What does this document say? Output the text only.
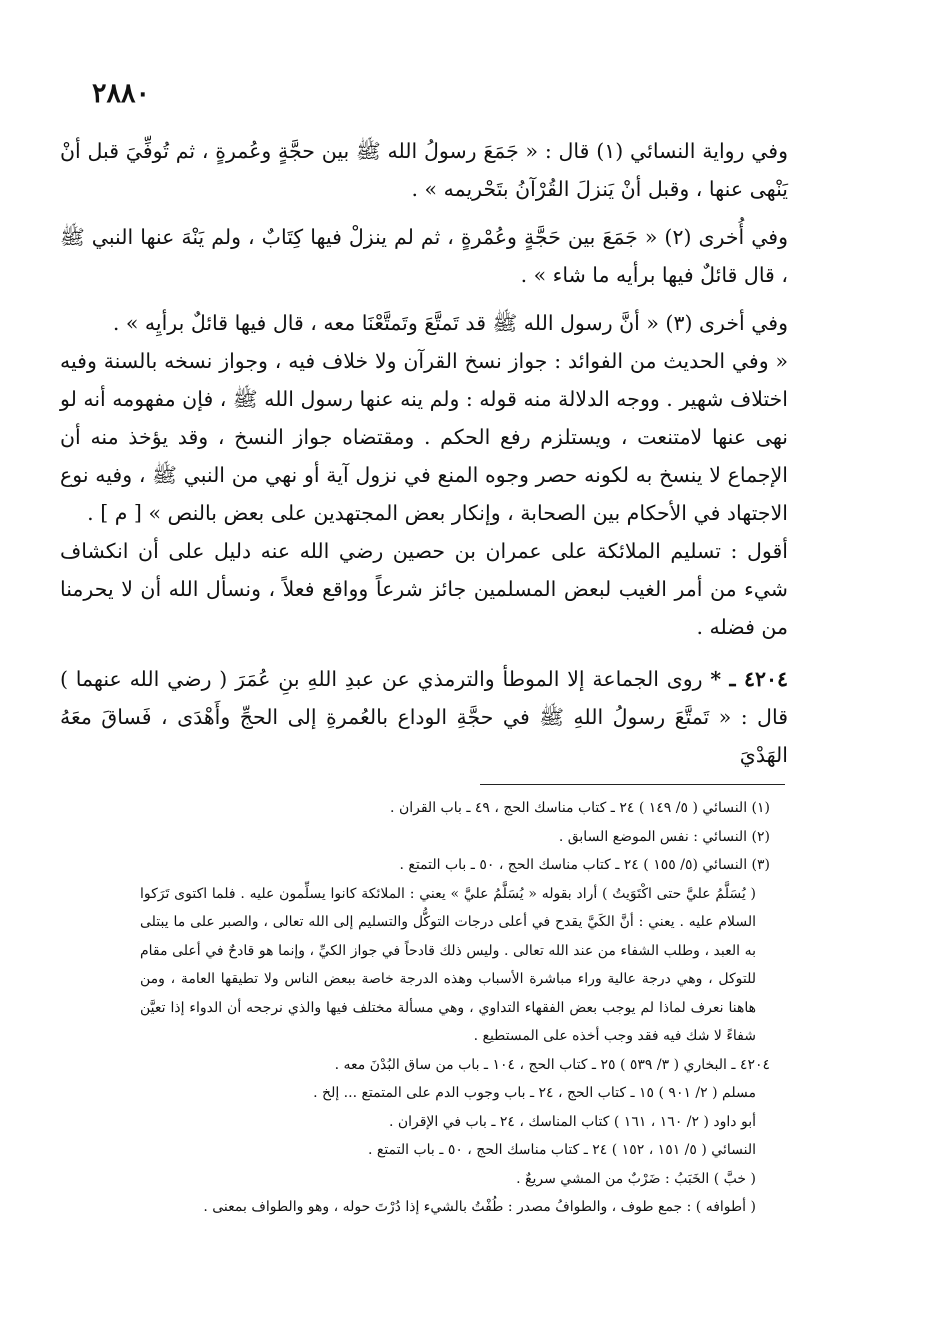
٢٨٨٠

وفي رواية النسائي (١) قال : « جَمَعَ رسولُ الله ﷺ بين حجَّةٍ وعُمرةٍ ، ثم تُوفِّيَ قبل أنْ يَنْهى عنها ، وقبل أنْ يَنزلَ القُرْآنُ بتَحْريمه » .

وفي أُخرى (٢) « جَمَعَ بين حَجَّةٍ وعُمْرةٍ ، ثم لم ينزلْ فيها كِتَابٌ ، ولم يَنْهَ عنها النبي ﷺ ، قال قائلٌ فيها برأيه ما شاء » .

وفي أخرى (٣) « أنَّ رسول الله ﷺ قد تَمتَّعَ وتَمتَّعْنَا معه ، قال فيها قائلٌ برأيِه » .

« وفي الحديث من الفوائد : جواز نسخ القرآن ولا خلاف فيه ، وجواز نسخه بالسنة وفيه اختلاف شهير . ووجه الدلالة منه قوله : ولم ينه عنها رسول الله ﷺ ، فإن مفهومه أنه لو نهى عنها لامتنعت ، ويستلزم رفع الحكم . ومقتضاه جواز النسخ ، وقد يؤخذ منه أن الإجماع لا ينسخ به لكونه حصر وجوه المنع في نزول آية أو نهي من النبي ﷺ ، وفيه نوع الاجتهاد في الأحكام بين الصحابة ، وإنكار بعض المجتهدين على بعض بالنص » [ م ] .

أقول : تسليم الملائكة على عمران بن حصين رضي الله عنه دليل على أن انكشاف شيء من أمر الغيب لبعض المسلمين جائز شرعاً وواقع فعلاً ، ونسأل الله أن لا يحرمنا من فضله .

٤٢٠٤ ـ * روى الجماعة إلا الموطأ والترمذي عن عبدِ اللهِ بنِ عُمَرَ ( رضي الله عنهما ) قال : « تَمتَّعَ رسولُ اللهِ ﷺ في حجَّةِ الوداع بالعُمرةِ إلى الحجِّ وأَهْدَى ، فَساقَ معَهُ الهَدْيَ

(١) النسائي ( ٥/ ١٤٩ ) ٢٤ ـ كتاب مناسك الحج ، ٤٩ ـ باب القران .

(٢) النسائي : نفس الموضع السابق .

(٣) النسائي (٥/ ١٥٥ ) ٢٤ ـ كتاب مناسك الحج ، ٥٠ ـ باب التمتع .

( يُسَلَّمُ عليَّ حتى اكْتَوَيتُ ) أراد بقوله « يُسَلَّمُ عليَّ » يعني : الملائكة كانوا يسلِّمون عليه . فلما اكتوى تَرَكوا السلام عليه . يعني : أنَّ الكَيَّ يقدح في أعلى درجات التوكُّل والتسليم إلى الله تعالى ، والصبر على ما يبتلى به العبد ، وطلب الشفاء من عند الله تعالى . وليس ذلك قادحاً في جواز الكيِّ ، وإنما هو قادحٌ في أعلى مقام للتوكل ، وهي درجة عالية وراء مباشرة الأسباب وهذه الدرجة خاصة ببعض الناس ولا تطيقها العامة ، ومن هاهنا نعرف لماذا لم يوجب بعض الفقهاء التداوي ، وهي مسألة مختلف فيها والذي نرجحه أن الدواء إذا تعيَّن شفاءً لا شك فيه فقد وجب أخذه على المستطيع .

٤٢٠٤ ـ البخاري ( ٣/ ٥٣٩ ) ٢٥ ـ كتاب الحج ، ١٠٤ ـ باب من ساق البُدْنَ معه .

مسلم ( ٢/ ٩٠١ ) ١٥ ـ كتاب الحج ، ٢٤ ـ باب وجوب الدم على المتمتع ... إلخ .

أبو داود ( ٢/ ١٦٠ ، ١٦١ ) كتاب المناسك ، ٢٤ ـ باب في الإقران .

النسائي ( ٥/ ١٥١ ، ١٥٢ ) ٢٤ ـ كتاب مناسك الحج ، ٥٠ ـ باب التمتع .

( خبَّ ) الخَبَبُ : ضَرْبٌ من المشي سريعٌ .

( أطوافه ) : جمع طوف ، والطوافُ مصدر : طُفْتُ بالشيء إذا دُرْتَ حوله ، وهو والطواف بمعنى .
